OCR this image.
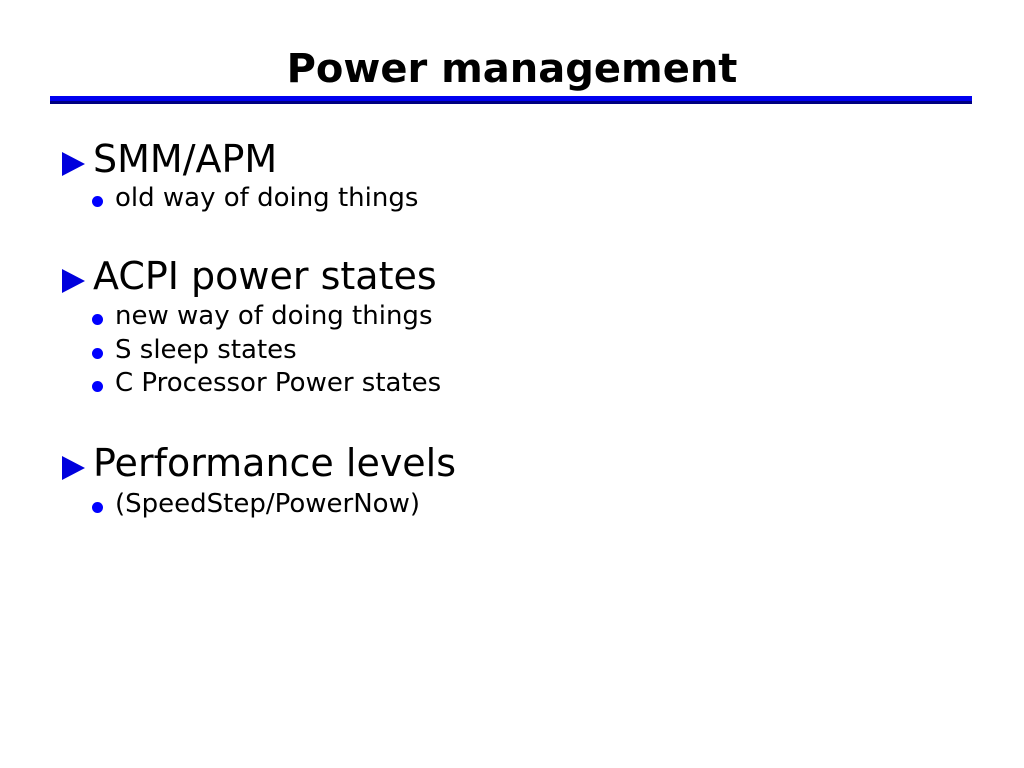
Power management
SMM/APM
old way of doing things
ACPI power states
new way of doing things
S sleep states
C Processor Power states
Performance levels
(SpeedStep/PowerNow)
